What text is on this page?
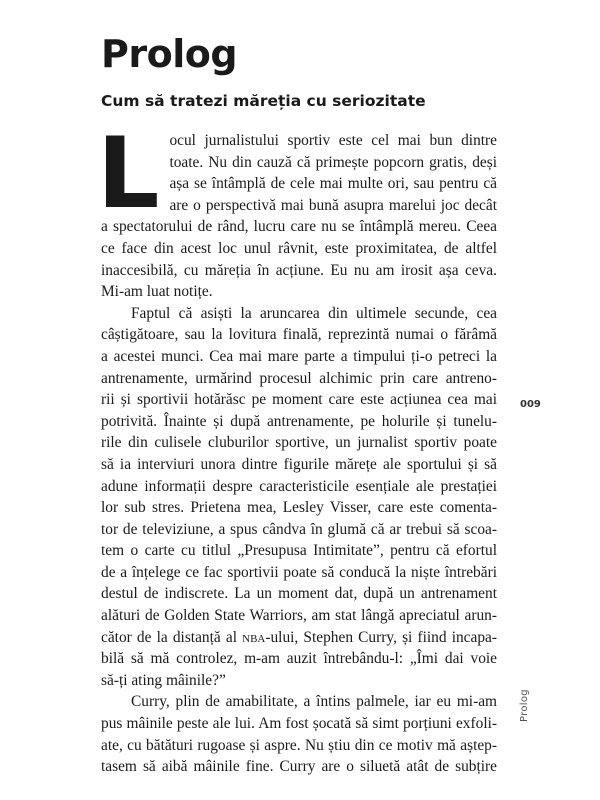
Prolog
Cum să tratezi măreția cu seriozitate
L ocul jurnalistului sportiv este cel mai bun dintre
toate. Nu din cauză că primește popcorn gratis, deși
așa se întâmplă de cele mai multe ori, sau pentru că
are o perspectivă mai bună asupra marelui joc decât
a spectatorului de rând, lucru care nu se întâmplă mereu. Ceea
ce face din acest loc unul râvnit, este proximitatea, de altfel
inaccesibilă, cu măreția în acțiune. Eu nu am irosit așa ceva.
Mi-am luat notițe.
Faptul că asiști la aruncarea din ultimele secunde, cea
câștigătoare, sau la lovitura finală, reprezintă numai o fărâmă
a acestei munci. Cea mai mare parte a timpului ți-o petreci la
antrenamente, urmărind procesul alchimic prin care antreno-
rii și sportivii hotărăsc pe moment care este acțiunea cea mai
potrivită. Înainte și după antrenamente, pe holurile și tunelu-
rile din culisele cluburilor sportive, un jurnalist sportiv poate
să ia interviuri unora dintre figurile mărețe ale sportului și să
adune informații despre caracteristicile esențiale ale prestației
lor sub stres. Prietena mea, Lesley Visser, care este comenta-
tor de televiziune, a spus cândva în glumă că ar trebui să scoa-
tem o carte cu titlul „Presupusa Intimitate”, pentru că efortul
de a înțelege ce fac sportivii poate să conducă la niște întrebări
destul de indiscrete. La un moment dat, după un antrenament
alături de Golden State Warriors, am stat lângă apreciatul arun-
cător de la distanță al nba-ului, Stephen Curry, și fiind incapa-
bilă să mă controlez, m-am auzit întrebându-l: „Îmi dai voie
să-ți ating mâinile?”
Curry, plin de amabilitate, a întins palmele, iar eu mi-am
pus mâinile peste ale lui. Am fost șocată să simt porțiuni exfoli-
ate, cu bătături rugoase și aspre. Nu știu din ce motiv mă aștep-
tasem să aibă mâinile fine. Curry are o siluetă atât de subțire
009
Prolog
